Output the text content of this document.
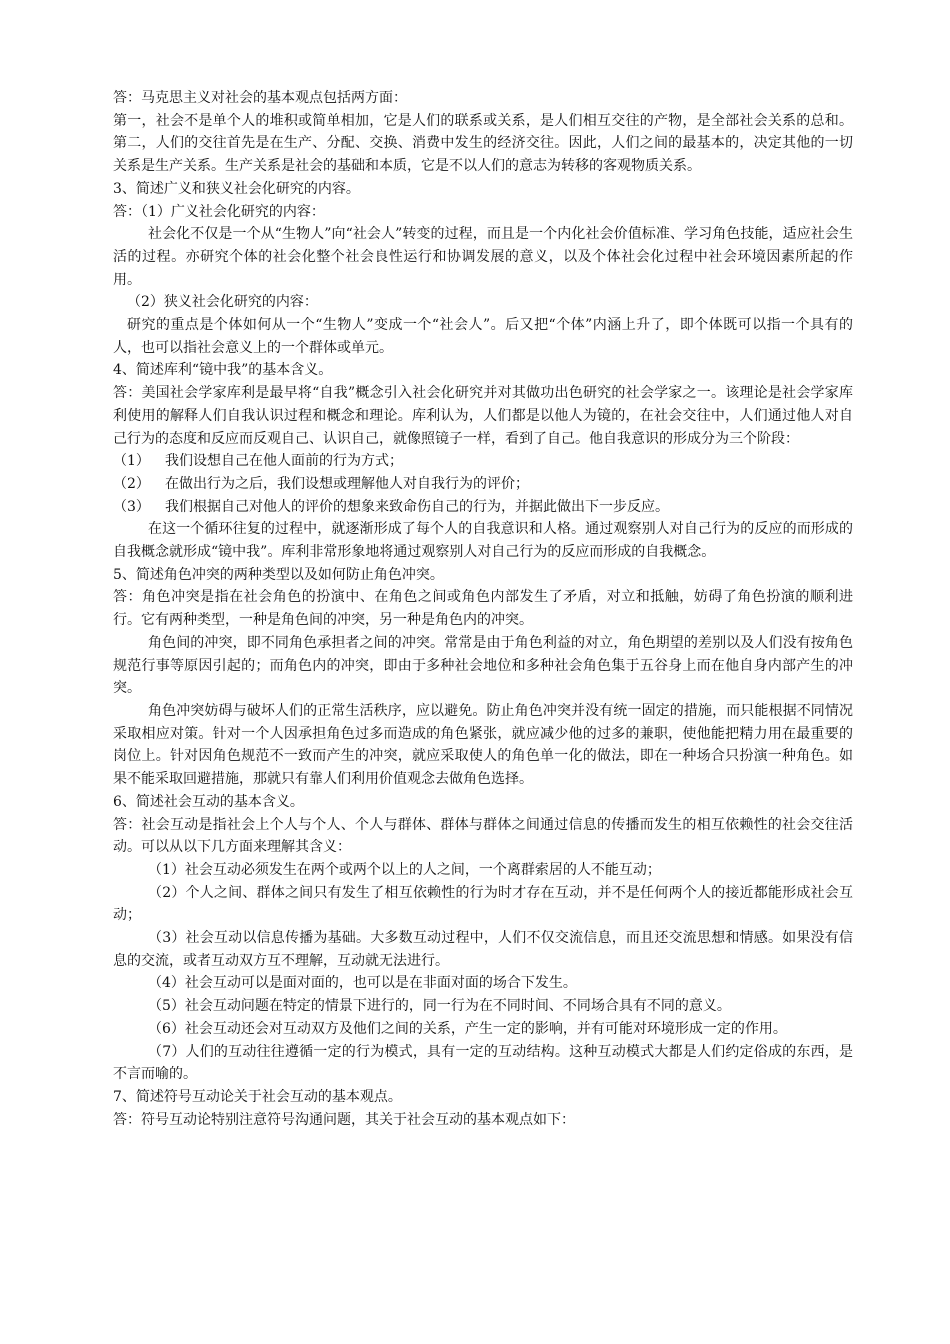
答：马克思主义对社会的基本观点包括两方面：

第一，社会不是单个人的堆积或简单相加，它是人们的联系或关系，是人们相互交往的产物，是全部社会关系的总和。第二，人们的交往首先是在生产、分配、交换、消费中发生的经济交往。因此，人们之间的最基本的，决定其他的一切关系是生产关系。生产关系是社会的基础和本质，它是不以人们的意志为转移的客观物质关系。

3、简述广义和狭义社会化研究的内容。

答：（1）广义社会化研究的内容：

社会化不仅是一个从“生物人”向“社会人”转变的过程，而且是一个内化社会价值标准、学习角色技能，适应社会生活的过程。亦研究个体的社会化整个社会良性运行和协调发展的意义，以及个体社会化过程中社会环境因素所起的作用。

（2）狭义社会化研究的内容：

研究的重点是个体如何从一个“生物人”变成一个“社会人”。后又把“个体”内涵上升了，即个体既可以指一个具有的人，也可以指社会意义上的一个群体或单元。

4、简述库利“镜中我”的基本含义。

答：美国社会学家库利是最早将“自我”概念引入社会化研究并对其做功出色研究的社会学家之一。该理论是社会学家库利使用的解释人们自我认识过程和概念和理论。库利认为，人们都是以他人为镜的，在社会交往中，人们通过他人对自己行为的态度和反应而反观自己、认识自己，就像照镜子一样，看到了自己。他自我意识的形成分为三个阶段：

（1） 我们设想自己在他人面前的行为方式；

（2） 在做出行为之后，我们设想或理解他人对自我行为的评价；

（3） 我们根据自己对他人的评价的想象来致命伤自己的行为，并据此做出下一步反应。

在这一个循环往复的过程中，就逐渐形成了每个人的自我意识和人格。通过观察别人对自己行为的反应的而形成的自我概念就形成“镜中我”。库利非常形象地将通过观察别人对自己行为的反应而形成的自我概念。

5、简述角色冲突的两种类型以及如何防止角色冲突。

答：角色冲突是指在社会角色的扮演中、在角色之间或角色内部发生了矛盾，对立和抵触，妨碍了角色扮演的顺利进行。它有两种类型，一种是角色间的冲突，另一种是角色内的冲突。

角色间的冲突，即不同角色承担者之间的冲突。常常是由于角色利益的对立，角色期望的差别以及人们没有按角色规范行事等原因引起的；而角色内的冲突，即由于多种社会地位和多种社会角色集于五谷身上而在他自身内部产生的冲突。

角色冲突妨碍与破坏人们的正常生活秩序，应以避免。防止角色冲突并没有统一固定的措施，而只能根据不同情况采取相应对策。针对一个人因承担角色过多而造成的角色紧张，就应减少他的过多的兼职，使他能把精力用在最重要的岗位上。针对因角色规范不一致而产生的冲突，就应采取使人的角色单一化的做法，即在一种场合只扮演一种角色。如果不能采取回避措施，那就只有靠人们利用价值观念去做角色选择。

6、简述社会互动的基本含义。

答：社会互动是指社会上个人与个人、个人与群体、群体与群体之间通过信息的传播而发生的相互依赖性的社会交往活动。可以从以下几方面来理解其含义：

（1）社会互动必须发生在两个或两个以上的人之间，一个离群索居的人不能互动；

（2）个人之间、群体之间只有发生了相互依赖性的行为时才存在互动，并不是任何两个人的接近都能形成社会互动；

（3）社会互动以信息传播为基础。大多数互动过程中，人们不仅交流信息，而且还交流思想和情感。如果没有信息的交流，或者互动双方互不理解，互动就无法进行。

（4）社会互动可以是面对面的，也可以是在非面对面的场合下发生。

（5）社会互动问题在特定的情景下进行的，同一行为在不同时间、不同场合具有不同的意义。

（6）社会互动还会对互动双方及他们之间的关系，产生一定的影响，并有可能对环境形成一定的作用。

（7）人们的互动往往遵循一定的行为模式，具有一定的互动结构。这种互动模式大都是人们约定俗成的东西，是不言而喻的。

7、简述符号互动论关于社会互动的基本观点。

答：符号互动论特别注意符号沟通问题，其关于社会互动的基本观点如下：
